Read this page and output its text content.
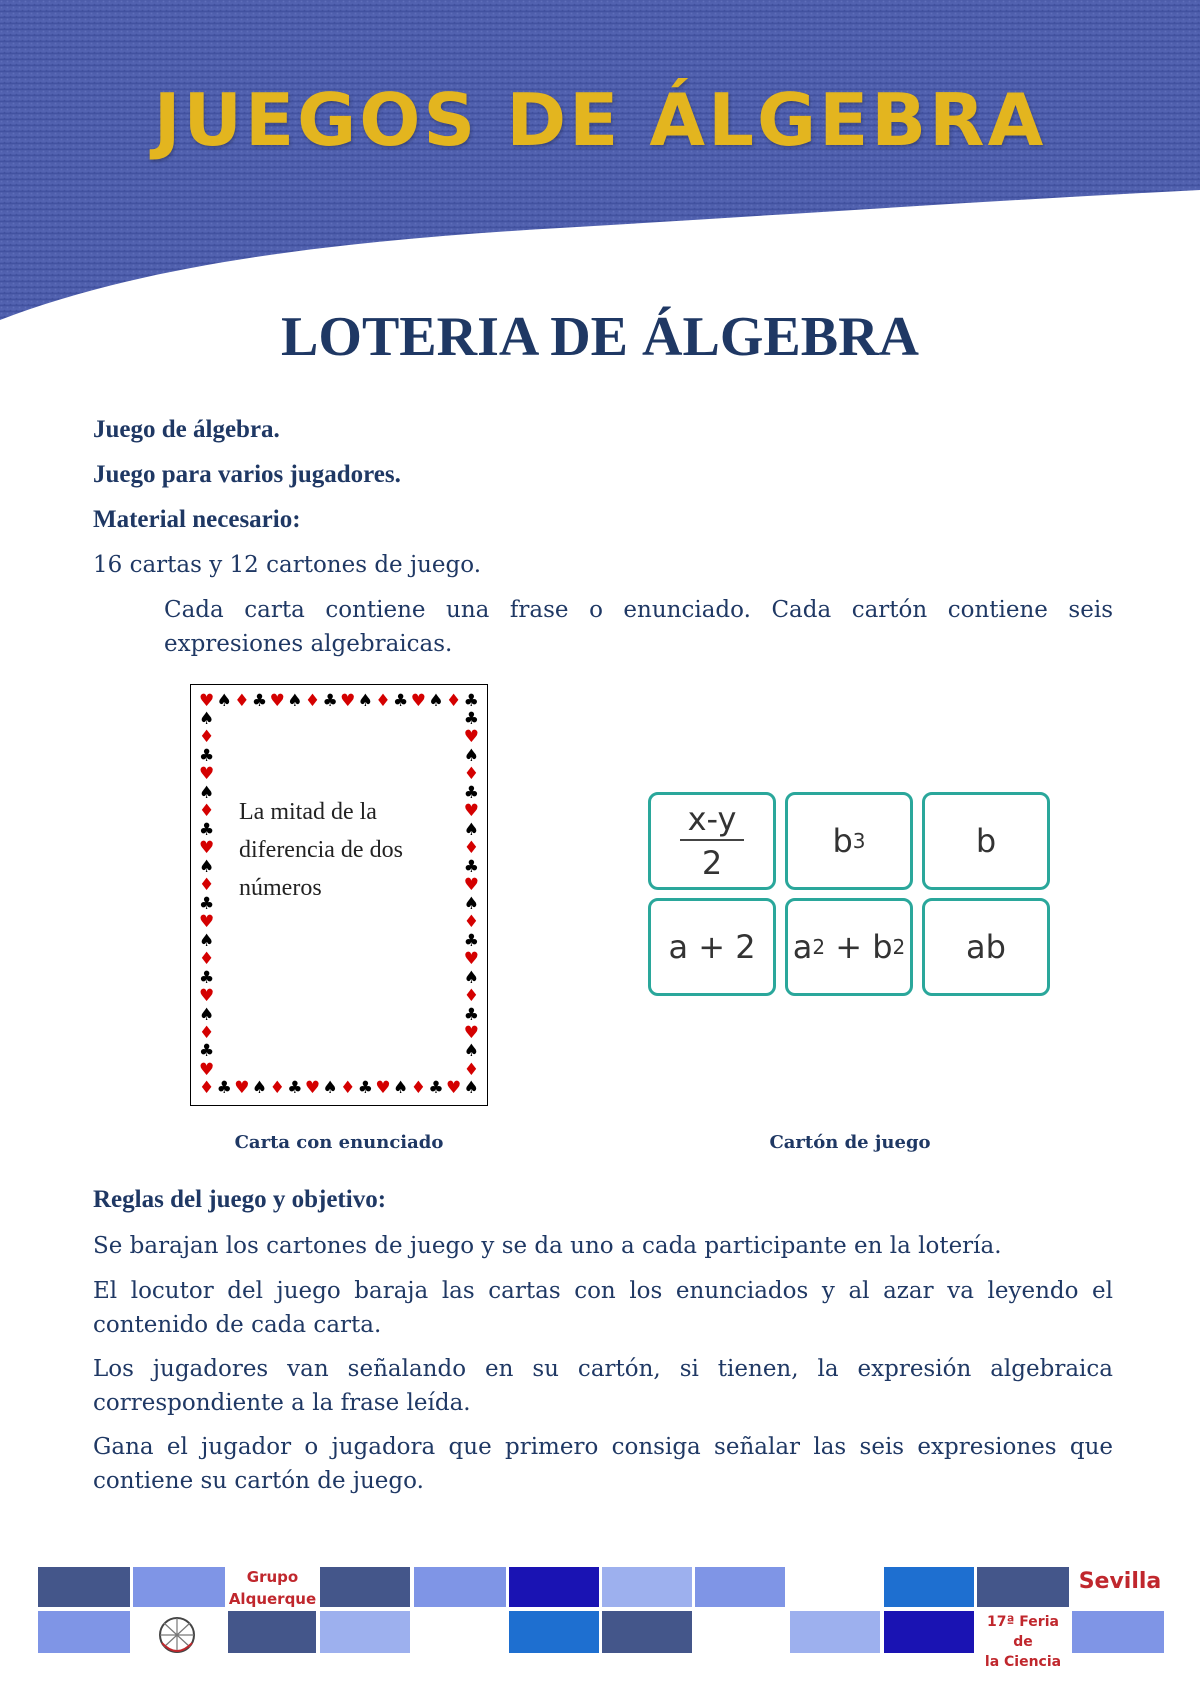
JUEGOS DE ÁLGEBRA
LOTERIA DE ÁLGEBRA

Juego de álgebra.

Juego para varios jugadores.

Material necesario:

16 cartas y 12 cartones de juego.

Cada carta contiene una frase o enunciado. Cada cartón contiene seis expresiones algebraicas.

♥ ♠ ♦ ♣ ♥ ♠ ♦ ♣ ♥ ♠ ♦ ♣ ♥ ♠ ♦ ♣
♦ ♣ ♥ ♠ ♦ ♣ ♥ ♠ ♦ ♣ ♥ ♠ ♦ ♣ ♥ ♠
♠
♦
♣
♥
♠
♦
♣
♥
♠
♦
♣
♥
♠
♦
♣
♥
♠
♦
♣
♥
♣
♥
♠
♦
♣
♥
♠
♦
♣
♥
♠
♦
♣
♥
♠
♦
♣
♥
♠
♦
La mitad de la diferencia de dos números
Carta con enunciado
$\frac{x-y}{2}$	b 3	b
a + 2 a 2 + b 2 ab
Cartón de juego

Reglas del juego y objetivo:

Se barajan los cartones de juego y se da uno a cada participante en la lotería.

El locutor del juego baraja las cartas con los enunciados y al azar va leyendo el contenido de cada carta.

Los jugadores van señalando en su cartón, si tienen, la expresión algebraica correspondiente a la frase leída.

Gana el jugador o jugadora que primero consiga señalar las seis expresiones que contiene su cartón de juego.

Grupo
Alquerque
Sevilla
17ª Feria de
la Ciencia
